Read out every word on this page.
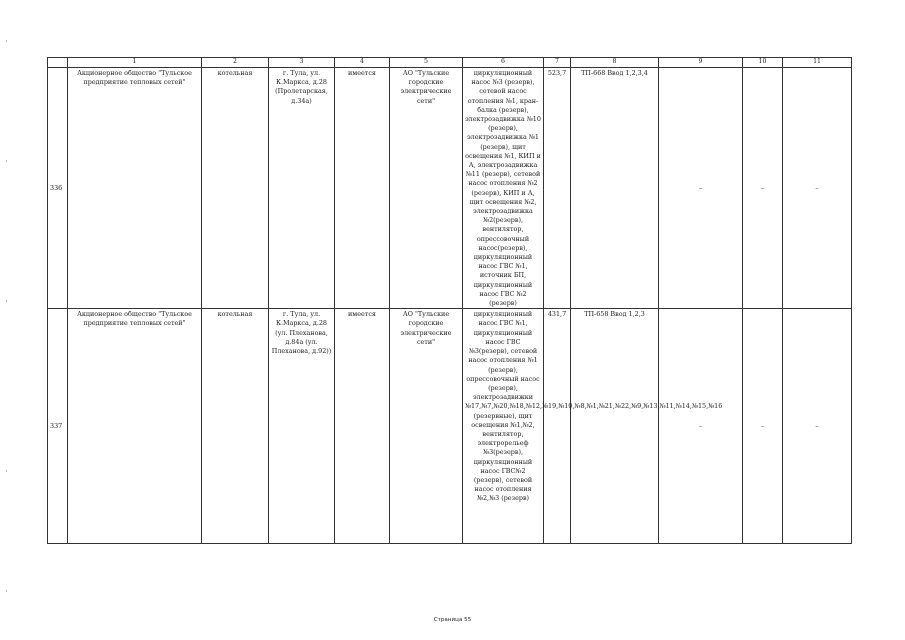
	1	2	3	4	5	6	7	8	9	10	11
336	Акционерное общество "Тульское предприятие тепловых сетей"	котельная	г. Тула, ул. К.Маркса, д.28 (Пролетарская, д.34а)	имеется	АО "Тульские городские электрические сети"	циркуляционный насос №3 (резерв), сетевой насос отопления №1, кран-балка (резерв), электрозадвижка №10 (резерв), электрозадвижка №1 (резерв), щит освещения №1, КИП и А, электрозадвижка №11 (резерв), сетевой насос отопления №2 (резерв), КИП и А, щит освещения №2, электрозадвижка №2(резерв), вентилятор, опрессовочный насос(резерв), циркуляционный насос ГВС №1, источник БП, циркуляционный насос ГВС №2 (резерв)	523,7	ТП-668 Ввод 1,2,3,4	–	–	–
337	Акционерное общество "Тульское предприятие тепловых сетей"	котельная	г. Тула, ул. К.Маркса, д.28 (ул. Плеханова, д.84а (ул. Плеханова, д.92))	имеется	АО "Тульские городские электрические сети"	циркуляционный насос ГВС №1, циркуляционный насос ГВС №3(резерв), сетевой насос отопления №1 (резерв), опрессовочный насос (резерв), электрозадвижки №17,№7,№20,№18,№12,№19,№10,№8,№1,№21,№22,№9,№13,№11,№14,№15,№16 (резервные), щит освещения №1,№2, вентилятор, электрорельеф №3(резерв), циркуляционный насос ГВС№2 (резерв), сетевой насос отопления №2,№3 (резерв)	431,7	ТП-658 Ввод 1,2,3	–	–	–
Страница 55
